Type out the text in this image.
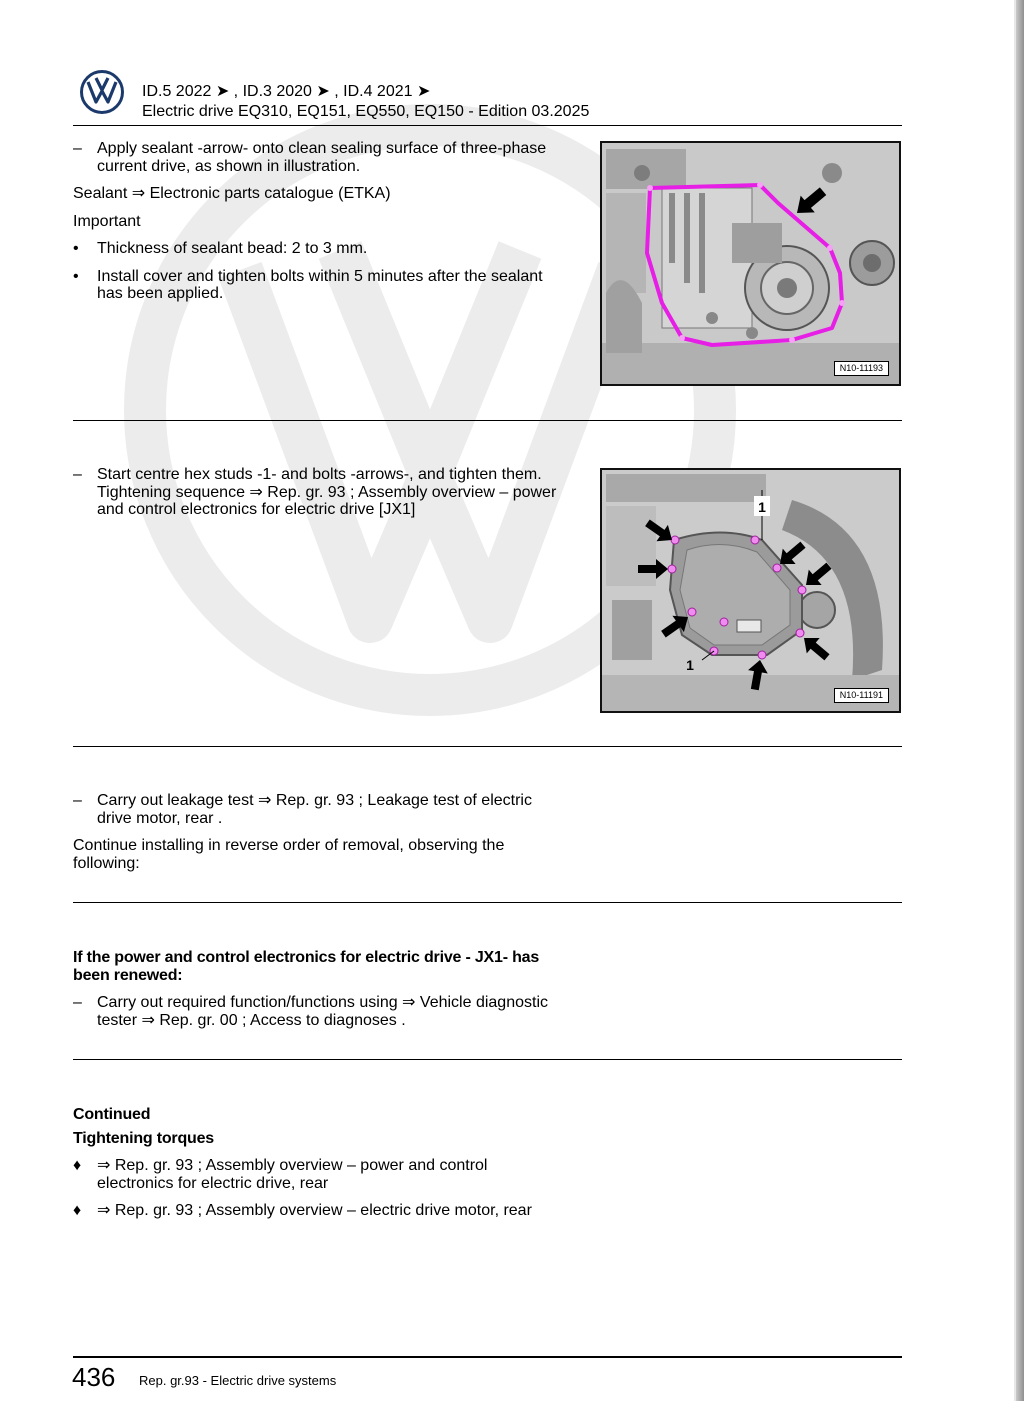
ID.5 2022 ➤ , ID.3 2020 ➤ , ID.4 2021 ➤
Electric drive EQ310, EQ151, EQ550, EQ150 - Edition 03.2025
– Apply sealant -arrow- onto clean sealing surface of three-phase current drive, as shown in illustration.
Sealant ⇒ Electronic parts catalogue (ETKA)
Important
• Thickness of sealant bead: 2 to 3 mm.
• Install cover and tighten bolts within 5 minutes after the sealant has been applied.
N10-11193
– Start centre hex studs -1- and bolts -arrows-, and tighten them. Tightening sequence ⇒ Rep. gr. 93 ; Assembly overview – power and control electronics for electric drive [JX1]	1
1
N10-11191
– Carry out leakage test ⇒ Rep. gr. 93 ; Leakage test of electric drive motor, rear .
Continue installing in reverse order of removal, observing the following:
If the power and control electronics for electric drive - JX1- has been renewed:
– Carry out required function/functions using ⇒ Vehicle diagnostic tester ⇒ Rep. gr. 00 ; Access to diagnoses .
Continued
Tightening torques
♦ ⇒ Rep. gr. 93 ; Assembly overview – power and control electronics for electric drive, rear
♦ ⇒ Rep. gr. 93 ; Assembly overview – electric drive motor, rear
436 Rep. gr.93 - Electric drive systems
